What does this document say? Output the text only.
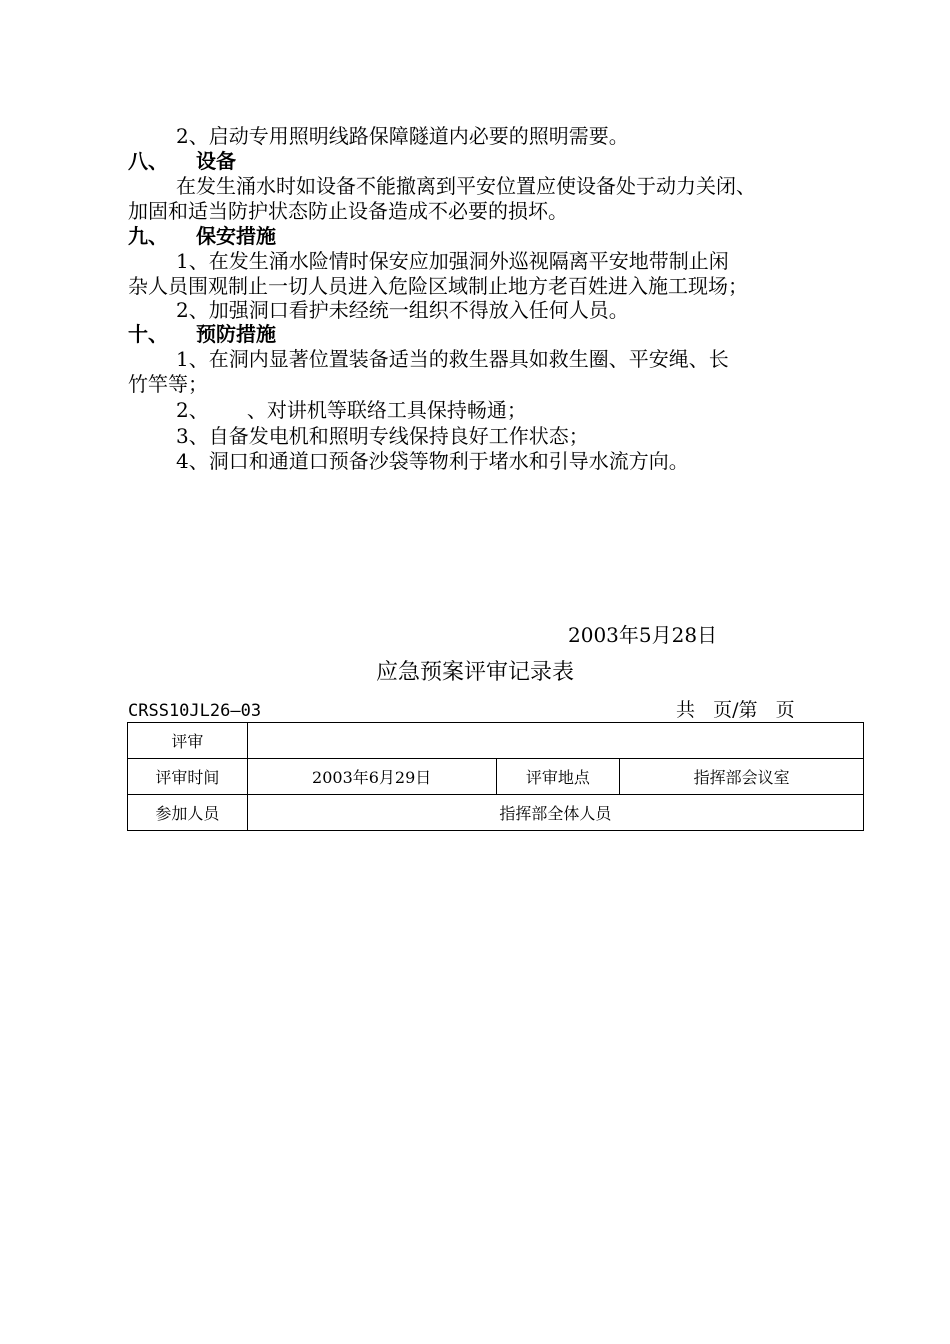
2、启动专用照明线路保障隧道内必要的照明需要。
八、 设备
在发生涌水时如设备不能撤离到平安位置应使设备处于动力关闭、
加固和适当防护状态防止设备造成不必要的损坏。
九、 保安措施
1、在发生涌水险情时保安应加强洞外巡视隔离平安地带制止闲
杂人员围观制止一切人员进入危险区域制止地方老百姓进入施工现场；
2、加强洞口看护未经统一组织不得放入任何人员。
十、 预防措施
1、在洞内显著位置装备适当的救生器具如救生圈、平安绳、长
竹竿等；
2、      、对讲机等联络工具保持畅通；
3、自备发电机和照明专线保持良好工作状态；
4、洞口和通道口预备沙袋等物利于堵水和引导水流方向。
2003年5月28日
应急预案评审记录表
CRSS10JL26—03	共   页/第   页
评审			
评审时间	2003年6月29日	评审地点	指挥部会议室
参加人员	指挥部全体人员		
